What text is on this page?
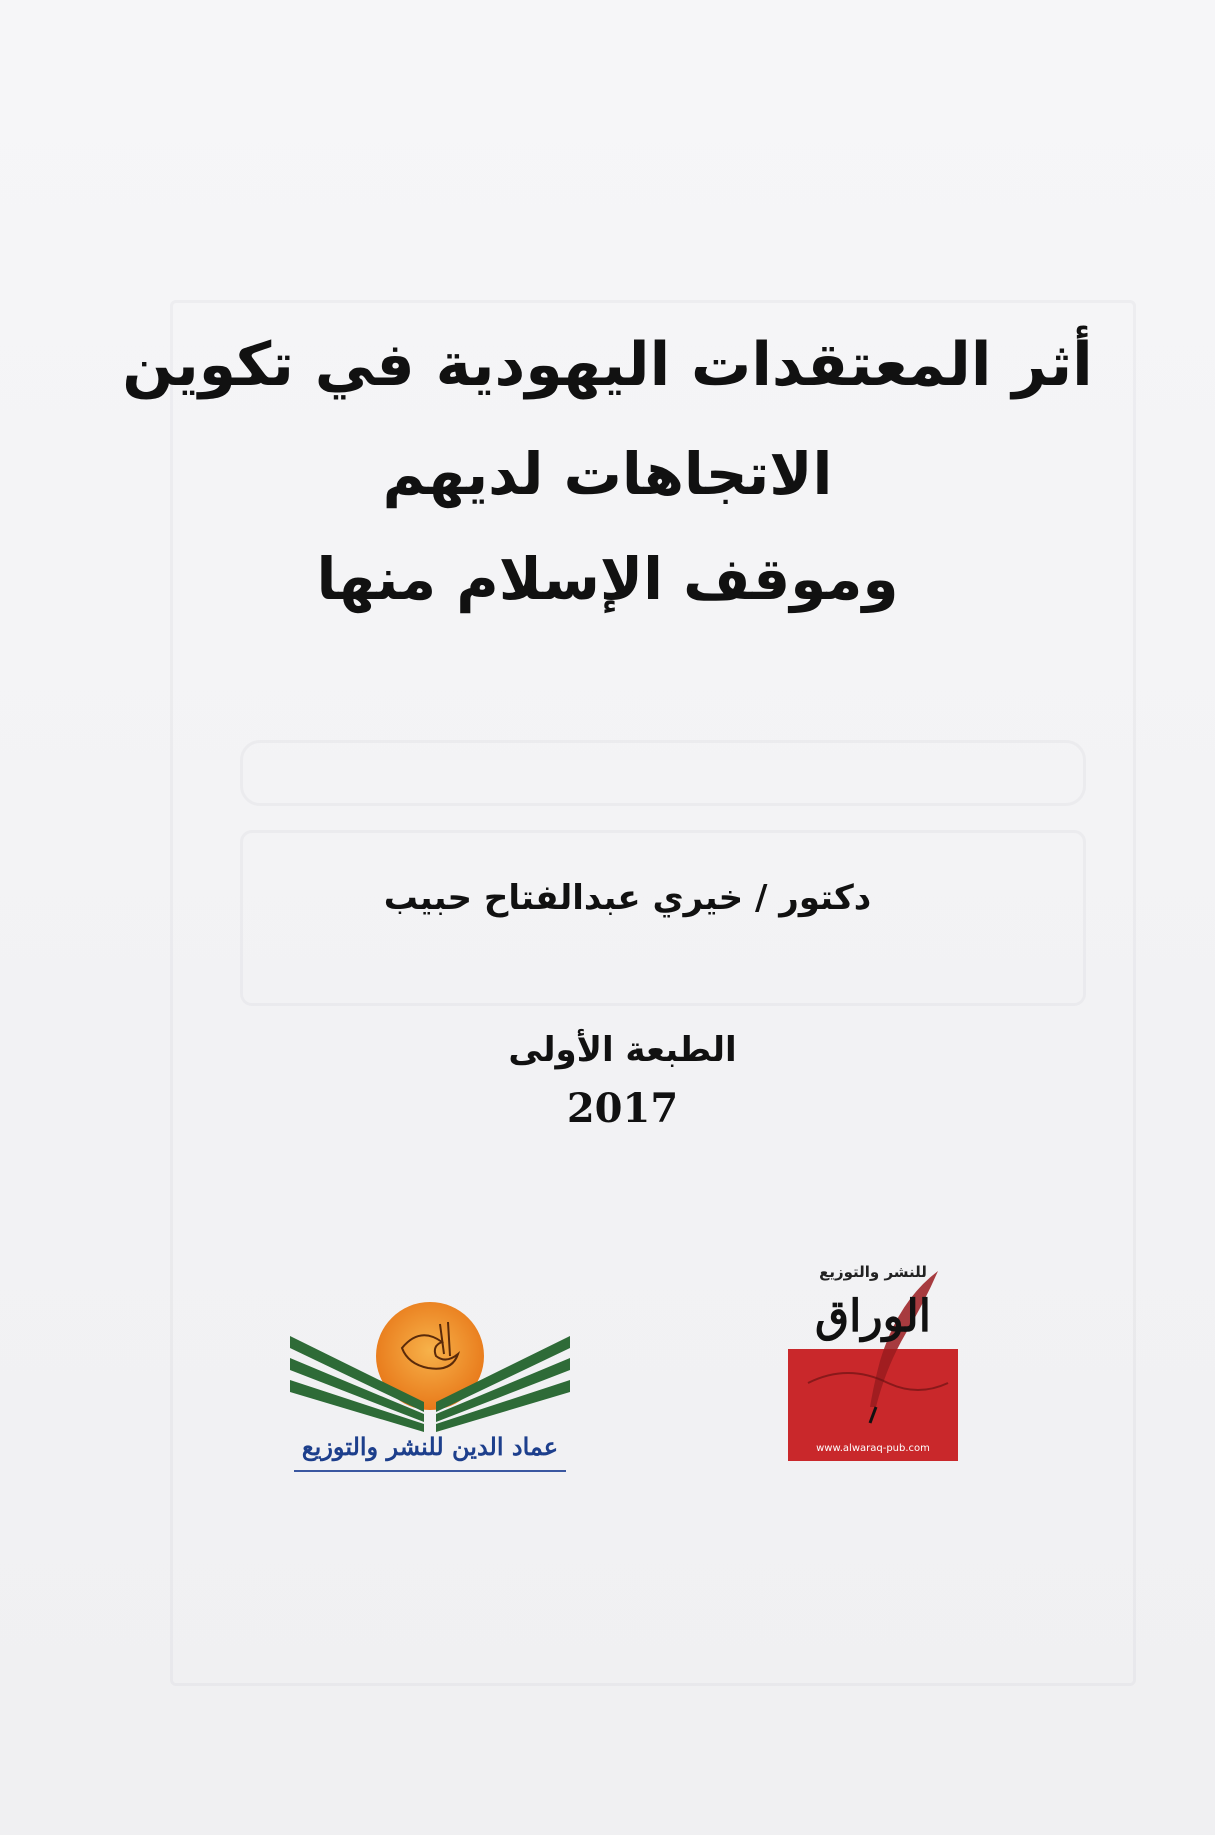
أثر المعتقدات اليهودية في تكوين
الاتجاهات لديهم
وموقف الإسلام منها
دكتور / خيري عبدالفتاح حبيب
الطبعة الأولى
2017
عماد الدين للنشر والتوزيع
للنشر والتوزيع
الوراق
www.alwaraq-pub.com
